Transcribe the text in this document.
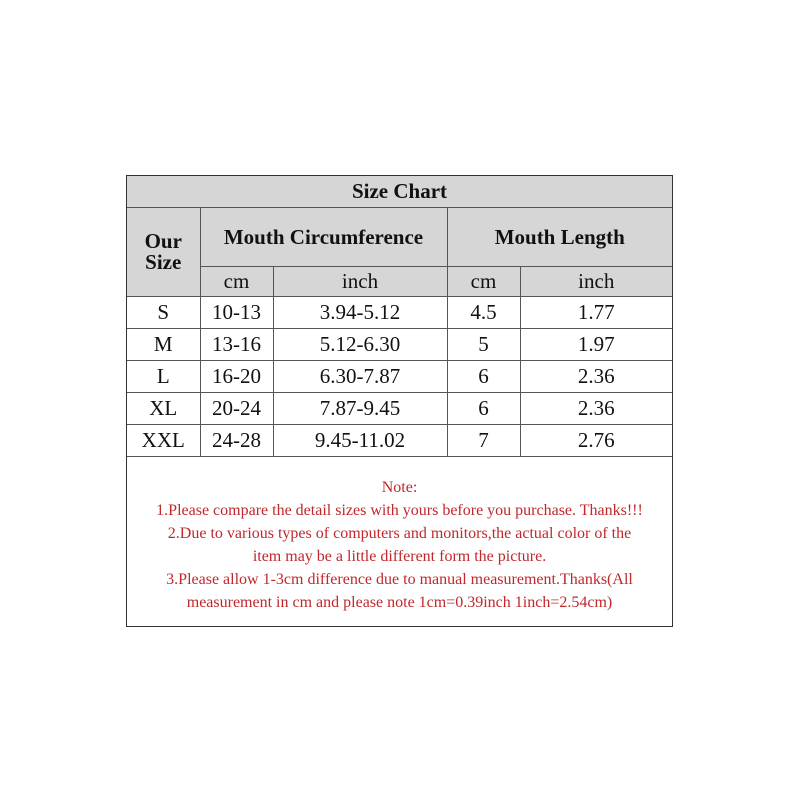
Size Chart				
Our
Size	Mouth Circumference		Mouth Length	
	cm	inch	cm	inch
S	10-13	3.94-5.12	4.5	1.77
M	13-16	5.12-6.30	5	1.97
L	16-20	6.30-7.87	6	2.36
XL	20-24	7.87-9.45	6	2.36
XXL	24-28	9.45-11.02	7	2.76
Note:
1.Please compare the detail sizes with yours before you purchase. Thanks!!!
2.Due to various types of computers and monitors,the actual color of the
item may be a little different form the picture.
3.Please allow 1-3cm difference due to manual measurement.Thanks(All
measurement in cm and please note 1cm=0.39inch 1inch=2.54cm)
